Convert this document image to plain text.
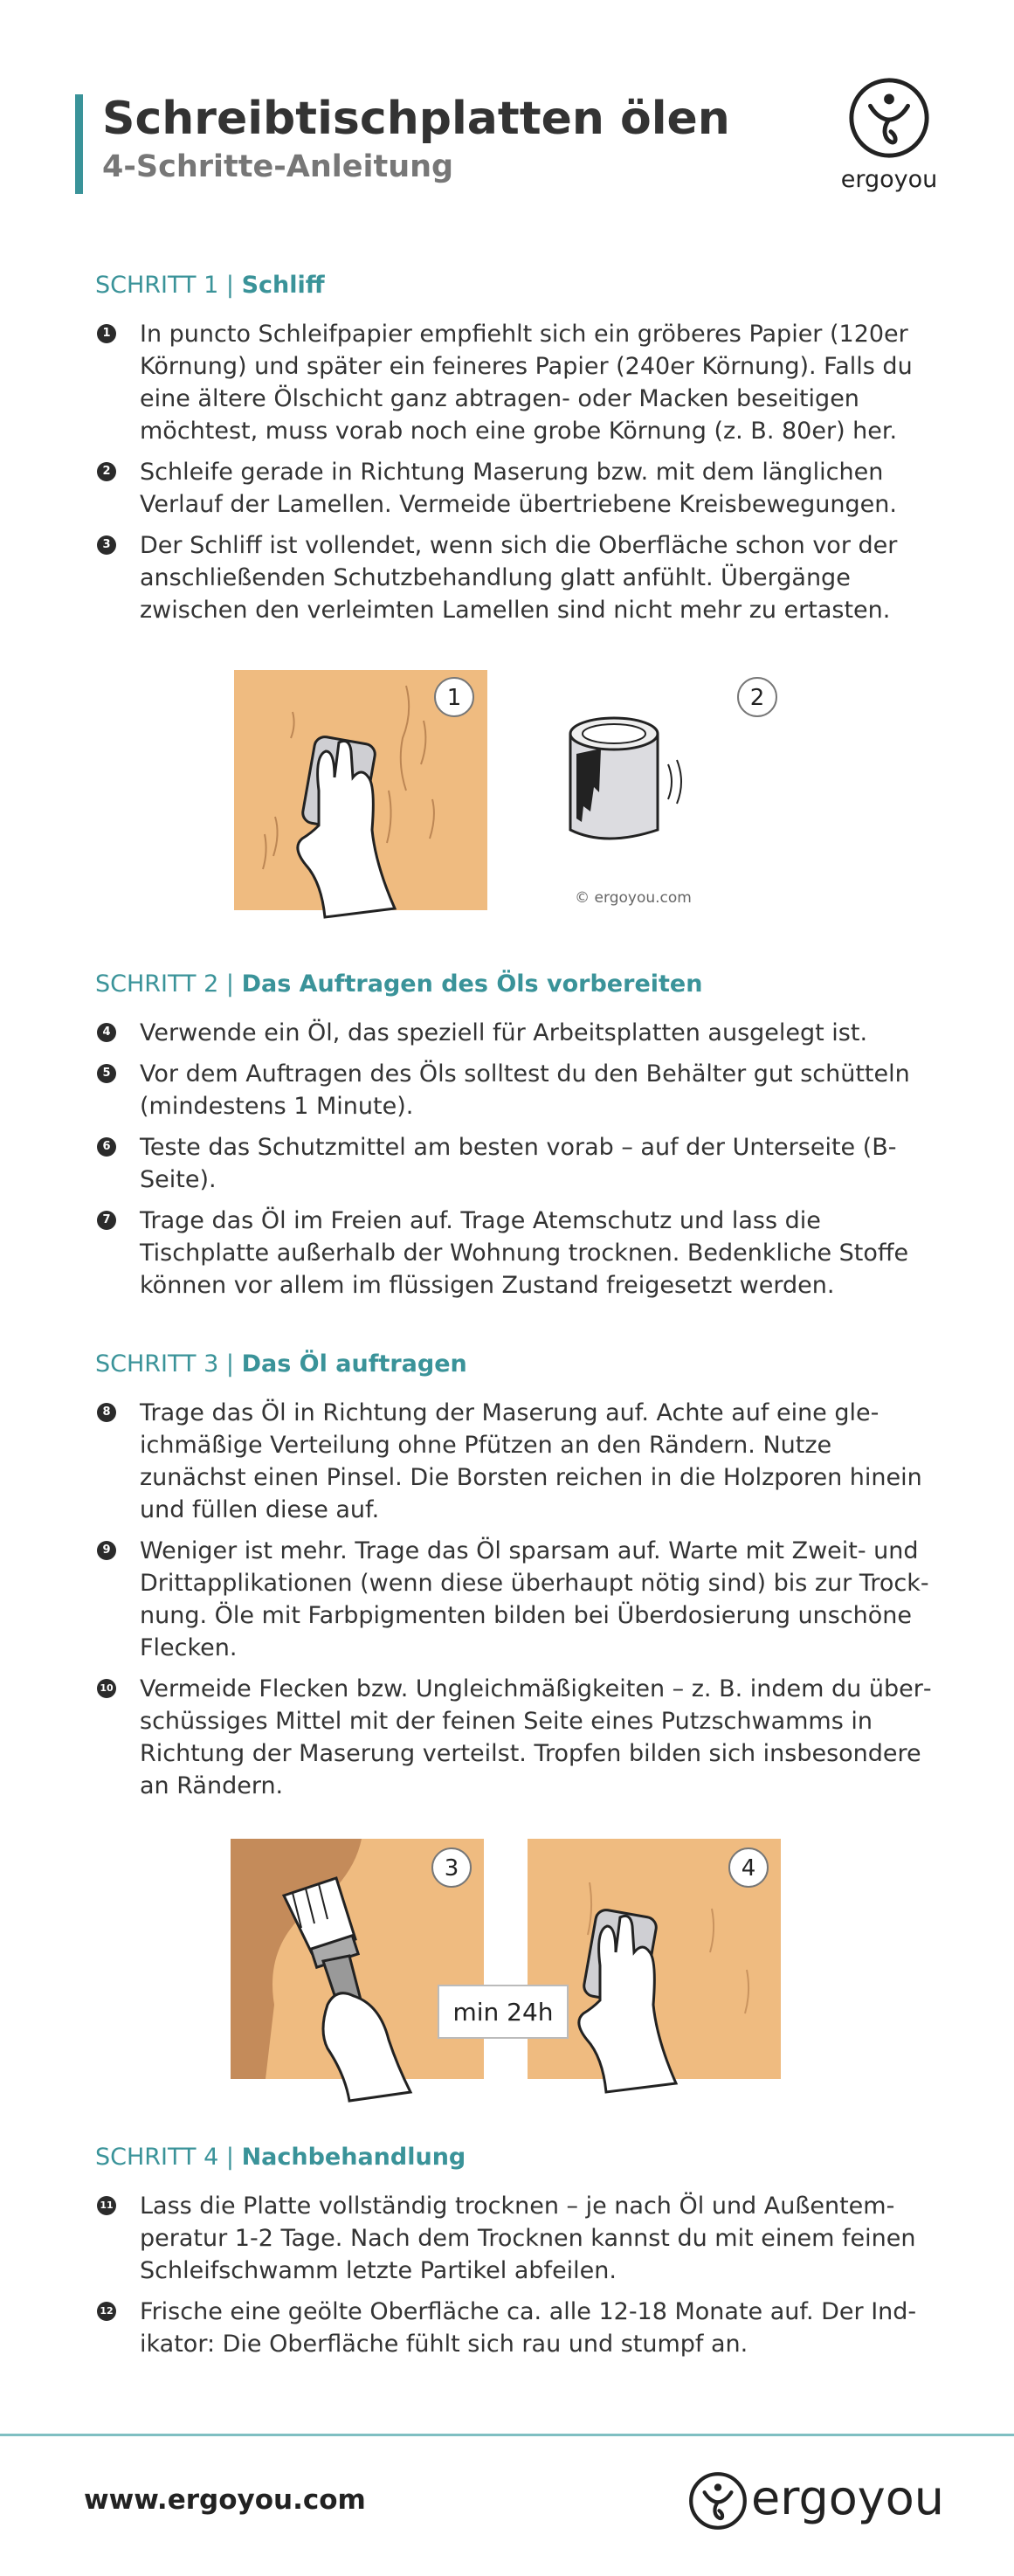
Schreibtischplatten ölen
4-Schritte-Anleitung	ergoyou
SCHRITT 1 | Schliff
1 In puncto Schleifpapier empfiehlt sich ein gröberes Papier (120er Körnung) und später ein feineres Papier (240er Körnung). Falls du eine ältere Ölschicht ganz abtragen- oder Macken beseitigen möchtest, muss vorab noch eine grobe Körnung (z. B. 80er) her.
2 Schleife gerade in Richtung Maserung bzw. mit dem länglichen Verlauf der Lamellen. Vermeide übertriebene Kreisbewegungen.
3 Der Schliff ist vollendet, wenn sich die Oberfläche schon vor der anschließenden Schutzbehandlung glatt anfühlt. Übergänge zwischen den verleimten Lamellen sind nicht mehr zu ertasten.
1	2
© ergoyou.com
SCHRITT 2 | Das Auftragen des Öls vorbereiten
4 Verwende ein Öl, das speziell für Arbeitsplatten ausgelegt ist.
5 Vor dem Auftragen des Öls solltest du den Behälter gut schütteln (mindestens 1 Minute).
6 Teste das Schutzmittel am besten vorab – auf der Unterseite (B-Seite).
7 Trage das Öl im Freien auf. Trage Atemschutz und lass die Tischplatte außerhalb der Wohnung trocknen. Bedenkliche Stoffe können vor allem im flüssigen Zustand freigesetzt werden.
SCHRITT 3 | Das Öl auftragen
8 Trage das Öl in Richtung der Maserung auf. Achte auf eine gleichmäßige Verteilung ohne Pfützen an den Rändern. Nutze zunächst einen Pinsel. Die Borsten reichen in die Holzporen hinein und füllen diese auf.
9 Weniger ist mehr. Trage das Öl sparsam auf. Warte mit Zweit- und Drittapplikationen (wenn diese überhaupt nötig sind) bis zur Trocknung. Öle mit Farbpigmenten bilden bei Überdosierung unschöne Flecken.
10 Vermeide Flecken bzw. Ungleichmäßigkeiten – z. B. indem du überschüssiges Mittel mit der feinen Seite eines Putzschwamms in Richtung der Maserung verteilst. Tropfen bilden sich insbesondere an Rändern.
3	4
min 24h
SCHRITT 4 | Nachbehandlung
11 Lass die Platte vollständig trocknen – je nach Öl und Außentemperatur 1-2 Tage. Nach dem Trocknen kannst du mit einem feinen Schleifschwamm letzte Partikel abfeilen.
12 Frische eine geölte Oberfläche ca. alle 12-18 Monate auf. Der Indikator: Die Oberfläche fühlt sich rau und stumpf an.
www.ergoyou.com	ergoyou
